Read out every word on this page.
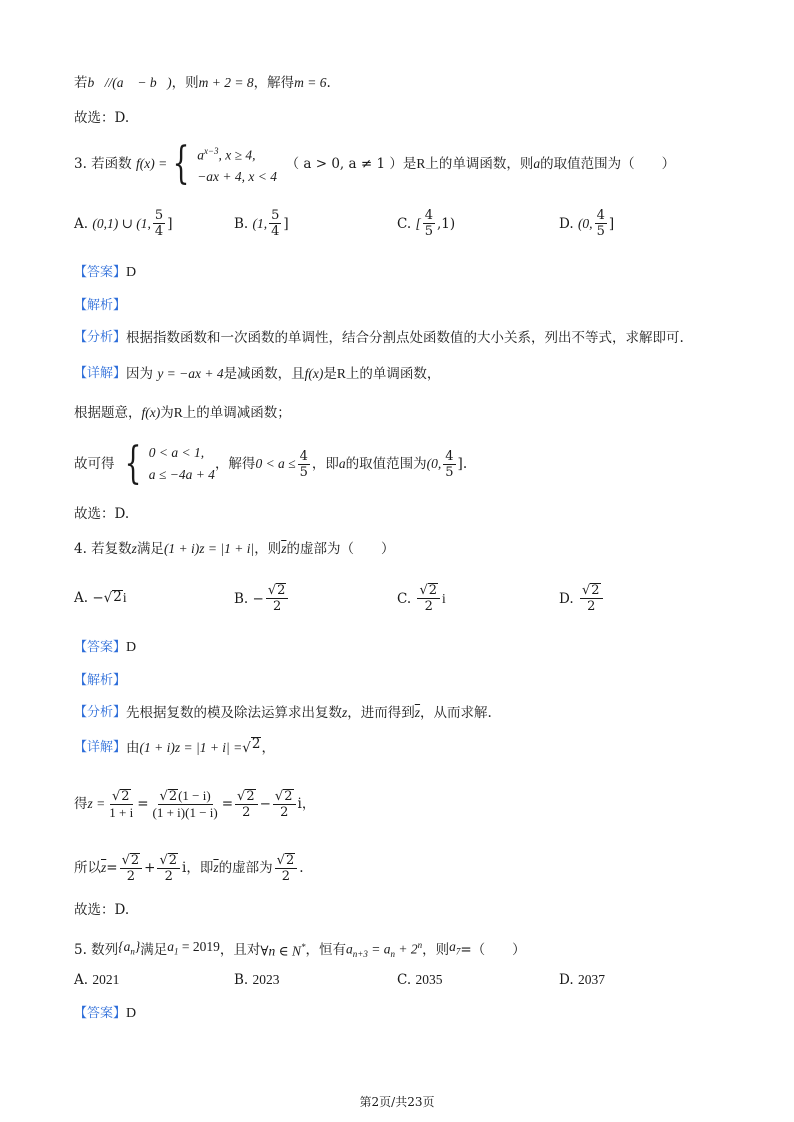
若 b⃗//(a⃗ − b⃗) ，则 m + 2 = 8 ，解得 m = 6 .
故选：D.
3. 若函数
f(x) = { $a^{x-3}$, x ≥ 4,
−ax + 4, x < 4

（ a > 0, a ≠ 1 ）是 R 上的单调函数，则 a 的取值范围为（　　）
A.
(0,1) ∪ (1, $\frac{5}{4}$ ]	B.
(1, $\frac{5}{4}$ ]	C.
[ $\frac{4}{5} ,1$)	D.
(0, $\frac{4}{5}$ ]
【答案】 D
【解析】
【分析】 根据指数函数和一次函数的单调性，结合分割点处函数值的大小关系，列出不等式，求解即可.
【详解】 因为
y = −ax + 4 是减函数，且 f(x) 是 R 上的单调函数，
根据题意， f(x) 为 R 上的单调减函数；
故可得
{ 0 < a < 1,
a ≤ −4a + 4
，解得 $0 < a \le \frac{4}{5}$ ，即 a 的取值范围为 (0, $\frac{4}{5}$ ] .
故选：D.
4. 若复数 z 满足 (1 + i)z = |1 + i| ，则 $\overline{z}$ 的虚部为（　　）
A.
− √ 2 i	B.
− $\frac{√ 2}{2}$	C.
$\frac{√ 2}{2}$ i	D.
$\frac{√ 2}{2}$
【答案】 D
【解析】
【分析】 先根据复数的模及除法运算求出复数 z ，进而得到 $\overline{z}$ ，从而求解.
【详解】 由 (1 + i)z = |1 + i| = √ 2 ，
得 $z = \frac{√ 2}{1 + i} = \frac{√ 2 (1 - i)}{(1 + i)(1 - i)} = \frac{√ 2}{2} - \frac{√ 2}{2}$ i，
所以 $\overline{z} = \frac{√ 2}{2} + \frac{√ 2}{2}$ i，即 $\overline{z}$ 的虚部为 $\frac{√ 2}{2}$ .
故选：D.
5. 数列 $\{a_n\}$ 满足 $a_1 = 2019$ ，且对 ∀n ∈ N* ，恒有 $a_{n+3} = a_n + 2^n$ ，则 $a_7$ =（　　）
A.
2021	B.
2023	C.
2035	D.
2037
【答案】 D
第2页/共23页
